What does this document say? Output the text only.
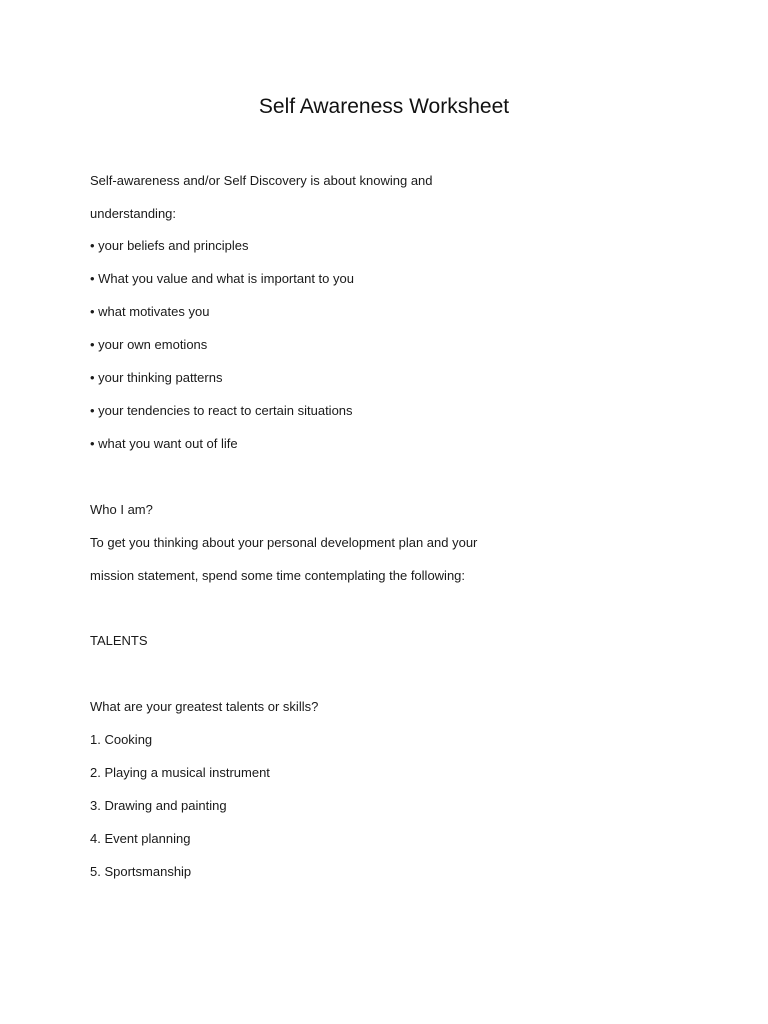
Self Awareness Worksheet

Self-awareness and/or Self Discovery is about knowing and

understanding:

• your beliefs and principles

• What you value and what is important to you

• what motivates you

• your own emotions

• your thinking patterns

• your tendencies to react to certain situations

• what you want out of life

Who I am?

To get you thinking about your personal development plan and your

mission statement, spend some time contemplating the following:

TALENTS

What are your greatest talents or skills?

1. Cooking

2. Playing a musical instrument

3. Drawing and painting

4. Event planning

5. Sportsmanship
